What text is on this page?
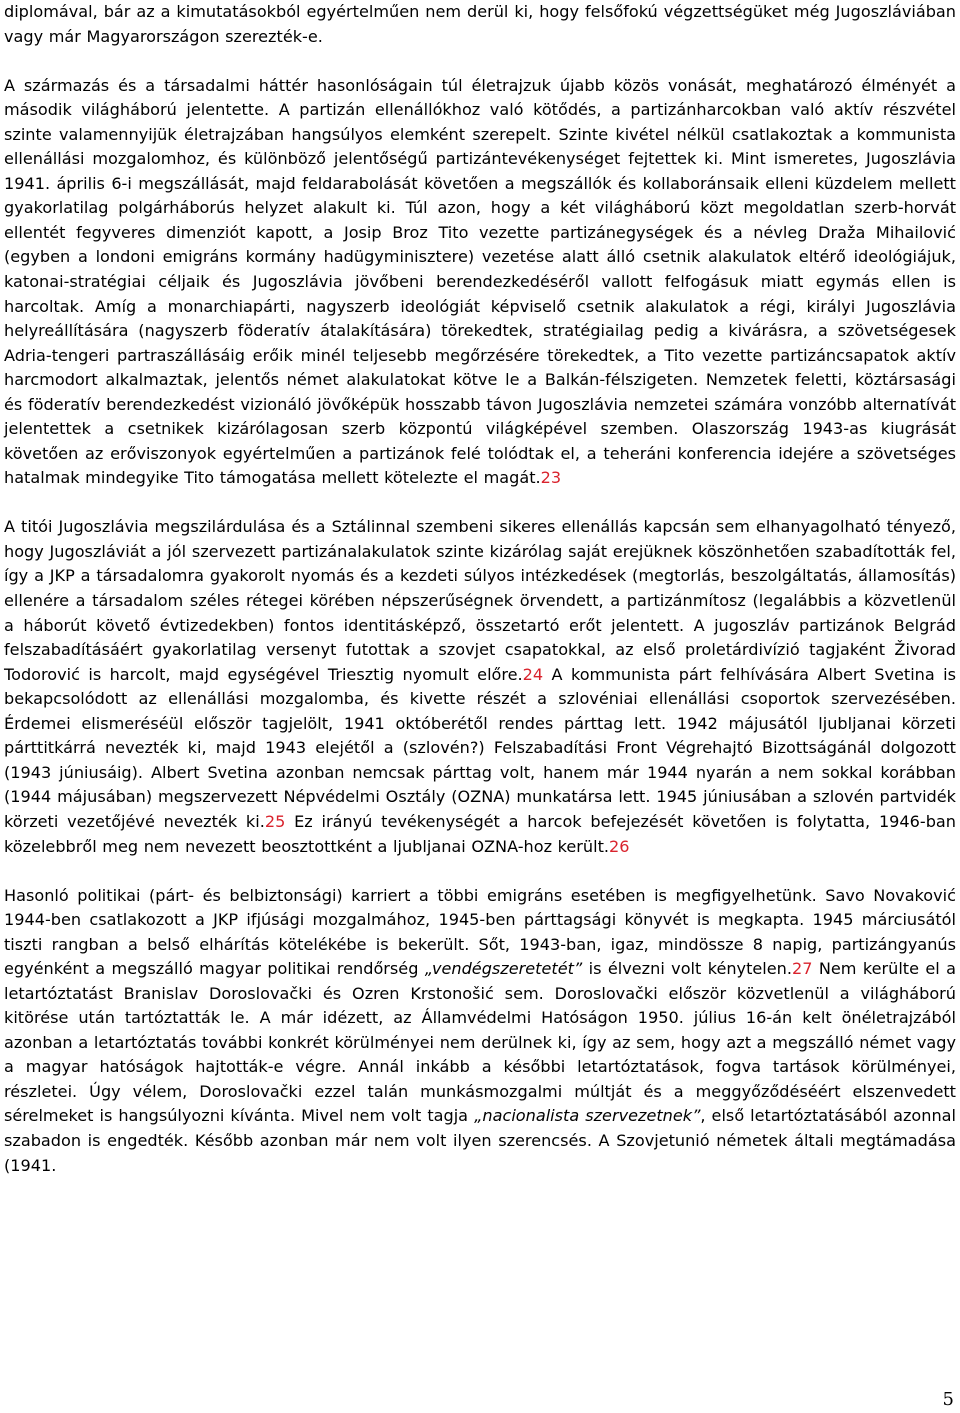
diplomával, bár az a kimutatásokból egyértelműen nem derül ki, hogy felsőfokú végzettségüket még Jugoszláviában vagy már Magyarországon szerezték-e.

A származás és a társadalmi háttér hasonlóságain túl életrajzuk újabb közös vonását, meghatározó élményét a második világháború jelentette. A partizán ellenállókhoz való kötődés, a partizánharcokban való aktív részvétel szinte valamennyijük életrajzában hangsúlyos elemként szerepelt. Szinte kivétel nélkül csatlakoztak a kommunista ellenállási mozgalomhoz, és különböző jelentőségű partizántevékenységet fejtettek ki. Mint ismeretes, Jugoszlávia 1941. április 6-i megszállását, majd feldarabolását követően a megszállók és kollaboránsaik elleni küzdelem mellett gyakorlatilag polgárháborús helyzet alakult ki. Túl azon, hogy a két világháború közt megoldatlan szerb-horvát ellentét fegyveres dimenziót kapott, a Josip Broz Tito vezette partizánegységek és a névleg Draža Mihailović (egyben a londoni emigráns kormány hadügyminisztere) vezetése alatt álló csetnik alakulatok eltérő ideológiájuk, katonai-stratégiai céljaik és Jugoszlávia jövőbeni berendezkedéséről vallott felfogásuk miatt egymás ellen is harcoltak. Amíg a monarchiapárti, nagyszerb ideológiát képviselő csetnik alakulatok a régi, királyi Jugoszlávia helyreállítására (nagyszerb föderatív átalakítására) törekedtek, stratégiailag pedig a kivárásra, a szövetségesek Adria-tengeri partraszállásáig erőik minél teljesebb megőrzésére törekedtek, a Tito vezette partizáncsapatok aktív harcmodort alkalmaztak, jelentős német alakulatokat kötve le a Balkán-félszigeten. Nemzetek feletti, köztársasági és föderatív berendezkedést vizionáló jövőképük hosszabb távon Jugoszlávia nemzetei számára vonzóbb alternatívát jelentettek a csetnikek kizárólagosan szerb központú világképével szemben. Olaszország 1943-as kiugrását követően az erőviszonyok egyértelműen a partizánok felé tolódtak el, a teheráni konferencia idejére a szövetséges hatalmak mindegyike Tito támogatása mellett kötelezte el magát.23

A titói Jugoszlávia megszilárdulása és a Sztálinnal szembeni sikeres ellenállás kapcsán sem elhanyagolható tényező, hogy Jugoszláviát a jól szervezett partizánalakulatok szinte kizárólag saját erejüknek köszönhetően szabadították fel, így a JKP a társadalomra gyakorolt nyomás és a kezdeti súlyos intézkedések (megtorlás, beszolgáltatás, államosítás) ellenére a társadalom széles rétegei körében népszerűségnek örvendett, a partizánmítosz (legalábbis a közvetlenül a háborút követő évtizedekben) fontos identitásképző, összetartó erőt jelentett. A jugoszláv partizánok Belgrád felszabadításáért gyakorlatilag versenyt futottak a szovjet csapatokkal, az első proletárdivízió tagjaként Živorad Todorović is harcolt, majd egységével Triesztig nyomult előre.24 A kommunista párt felhívására Albert Svetina is bekapcsolódott az ellenállási mozgalomba, és kivette részét a szlovéniai ellenállási csoportok szervezésében. Érdemei elismeréséül először tagjelölt, 1941 októberétől rendes párttag lett. 1942 májusától ljubljanai körzeti párttitkárrá nevezték ki, majd 1943 elejétől a (szlovén?) Felszabadítási Front Végrehajtó Bizottságánál dolgozott (1943 júniusáig). Albert Svetina azonban nemcsak párttag volt, hanem már 1944 nyarán a nem sokkal korábban (1944 májusában) megszervezett Népvédelmi Osztály (OZNA) munkatársa lett. 1945 júniusában a szlovén partvidék körzeti vezetőjévé nevezték ki.25 Ez irányú tevékenységét a harcok befejezését követően is folytatta, 1946-ban közelebbről meg nem nevezett beosztottként a ljubljanai OZNA-hoz került.26

Hasonló politikai (párt- és belbiztonsági) karriert a többi emigráns esetében is megfigyelhetünk. Savo Novaković 1944-ben csatlakozott a JKP ifjúsági mozgalmához, 1945-ben párttagsági könyvét is megkapta. 1945 márciusától tiszti rangban a belső elhárítás kötelékébe is bekerült. Sőt, 1943-ban, igaz, mindössze 8 napig, partizángyanús egyénként a megszálló magyar politikai rendőrség „vendégszeretetét” is élvezni volt kénytelen.27 Nem kerülte el a letartóztatást Branislav Doroslovački és Ozren Krstonošić sem. Doroslovački először közvetlenül a világháború kitörése után tartóztatták le. A már idézett, az Államvédelmi Hatóságon 1950. július 16-án kelt önéletrajzából azonban a letartóztatás további konkrét körülményei nem derülnek ki, így az sem, hogy azt a megszálló német vagy a magyar hatóságok hajtották-e végre. Annál inkább a későbbi letartóztatások, fogva tartások körülményei, részletei. Úgy vélem, Doroslovački ezzel talán munkásmozgalmi múltját és a meggyőződéséért elszenvedett sérelmeket is hangsúlyozni kívánta. Mivel nem volt tagja „nacionalista szervezetnek”, első letartóztatásából azonnal szabadon is engedték. Később azonban már nem volt ilyen szerencsés. A Szovjetunió németek általi megtámadása (1941.

5
